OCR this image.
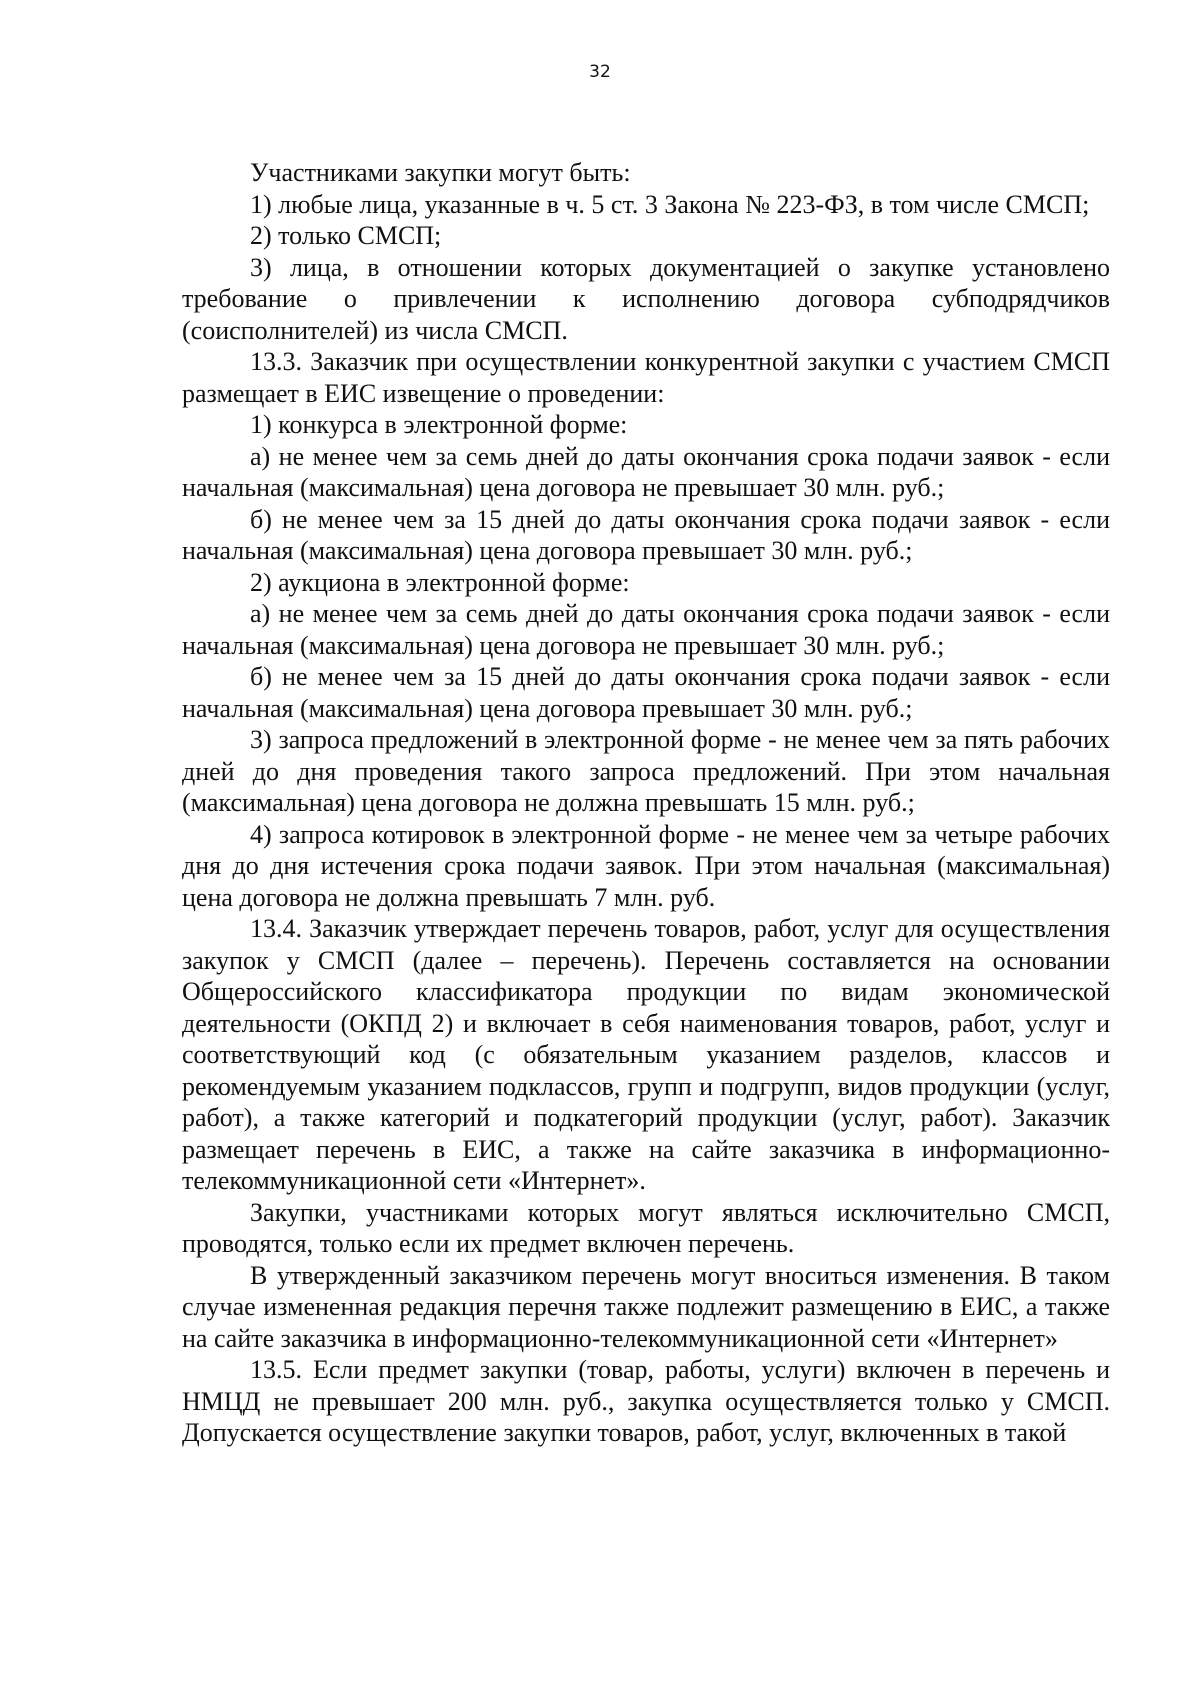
32

Участниками закупки могут быть:

1) любые лица, указанные в ч. 5 ст. 3 Закона № 223-ФЗ, в том числе СМСП;

2) только СМСП;

3) лица, в отношении которых документацией о закупке установлено требование о привлечении к исполнению договора субподрядчиков (соисполнителей) из числа СМСП.

13.3. Заказчик при осуществлении конкурентной закупки с участием СМСП размещает в ЕИС извещение о проведении:

1) конкурса в электронной форме:

а) не менее чем за семь дней до даты окончания срока подачи заявок - если начальная (максимальная) цена договора не превышает 30 млн. руб.;

б) не менее чем за 15 дней до даты окончания срока подачи заявок - если начальная (максимальная) цена договора превышает 30 млн. руб.;

2) аукциона в электронной форме:

а) не менее чем за семь дней до даты окончания срока подачи заявок - если начальная (максимальная) цена договора не превышает 30 млн. руб.;

б) не менее чем за 15 дней до даты окончания срока подачи заявок - если начальная (максимальная) цена договора превышает 30 млн. руб.;

3) запроса предложений в электронной форме - не менее чем за пять рабочих дней до дня проведения такого запроса предложений. При этом начальная (максимальная) цена договора не должна превышать 15 млн. руб.;

4) запроса котировок в электронной форме - не менее чем за четыре рабочих дня до дня истечения срока подачи заявок. При этом начальная (максимальная) цена договора не должна превышать 7 млн. руб.

13.4. Заказчик утверждает перечень товаров, работ, услуг для осуществления закупок у СМСП (далее – перечень). Перечень составляется на основании Общероссийского классификатора продукции по видам экономической деятельности (ОКПД 2) и включает в себя наименования товаров, работ, услуг и соответствующий код (с обязательным указанием разделов, классов и рекомендуемым указанием подклассов, групп и подгрупп, видов продукции (услуг, работ), а также категорий и подкатегорий продукции (услуг, работ). Заказчик размещает перечень в ЕИС, а также на сайте заказчика в информационно-телекоммуникационной сети «Интернет».

Закупки, участниками которых могут являться исключительно СМСП, проводятся, только если их предмет включен перечень.

В утвержденный заказчиком перечень могут вноситься изменения. В таком случае измененная редакция перечня также подлежит размещению в ЕИС, а также на сайте заказчика в информационно-телекоммуникационной сети «Интернет»

13.5. Если предмет закупки (товар, работы, услуги) включен в перечень и НМЦД не превышает 200 млн. руб., закупка осуществляется только у СМСП. Допускается осуществление закупки товаров, работ, услуг, включенных в такой
